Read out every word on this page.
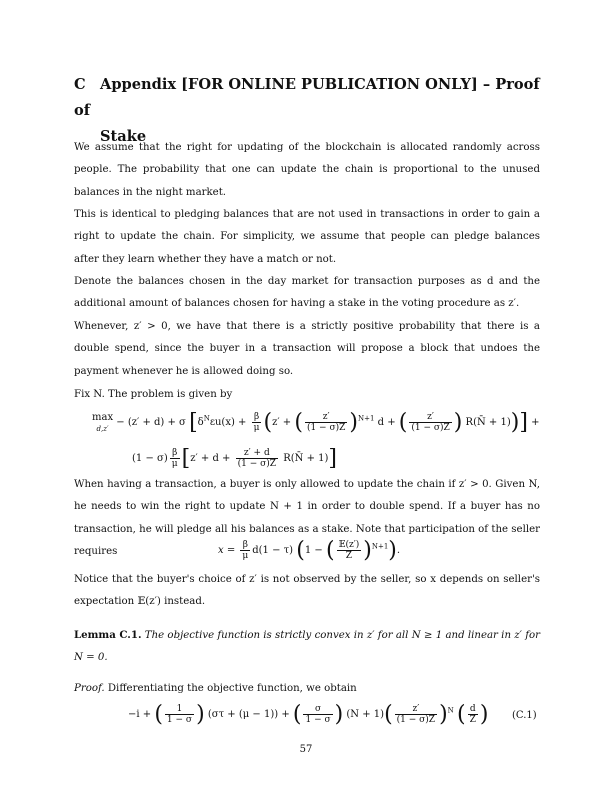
C Appendix [FOR ONLINE PUBLICATION ONLY] – Proof of
Stake
We assume that the right for updating of the blockchain is allocated randomly across people. The probability that one can update the chain is proportional to the unused balances in the night market.
This is identical to pledging balances that are not used in transactions in order to gain a right to update the chain. For simplicity, we assume that people can pledge balances after they learn whether they have a match or not.
Denote the balances chosen in the day market for transaction purposes as d and the additional amount of balances chosen for having a stake in the voting procedure as z′.
Whenever, z′ > 0, we have that there is a strictly positive probability that there is a double spend, since the buyer in a transaction will propose a block that undoes the payment whenever he is allowed doing so.
Fix N. The problem is given by
max
d,z′ − (z′ + d) + σ [$\delta^N\varepsilon u(x) + \frac{\beta}{\mu} (z'$ + ( $\frac{z'}{(1 - \sigma)Z} )^{N+1}$ d + ( $\frac{z'}{(1 - \sigma)Z}$ ) R(N̄ + 1))] +
$(1 - \sigma) \frac{\beta}{\mu} [z' + d + \frac{z' + d}{(1 - \sigma)Z}$ R(N̄ + 1)]
When having a transaction, a buyer is only allowed to update the chain if z′ > 0. Given N, he needs to win the right to update N + 1 in order to double spend. If a buyer has no transaction, he will pledge all his balances as a stake. Note that participation of the seller requires	$x = \frac{\beta}{\mu} d(1 - \tau) (1$ − ( $\frac{\text{𝔼(z′)}}{Z} )^{N+1}$).
Notice that the buyer's choice of z′ is not observed by the seller, so x depends on seller's expectation 𝔼(z′) instead.
Lemma C.1. The objective function is strictly convex in z′ for all N ≥ 1 and linear in z′ for N = 0.
Proof. Differentiating the objective function, we obtain
−i + ( $\frac{1}{1 - \sigma}$ ) (στ + (μ − 1)) + ( $\frac{\sigma}{1 - \sigma}$ ) $(N + 1)( \frac{z'}{(1 - \sigma)Z} )^N$ ( $\frac{d}{Z}$ ) (C.1)
57
